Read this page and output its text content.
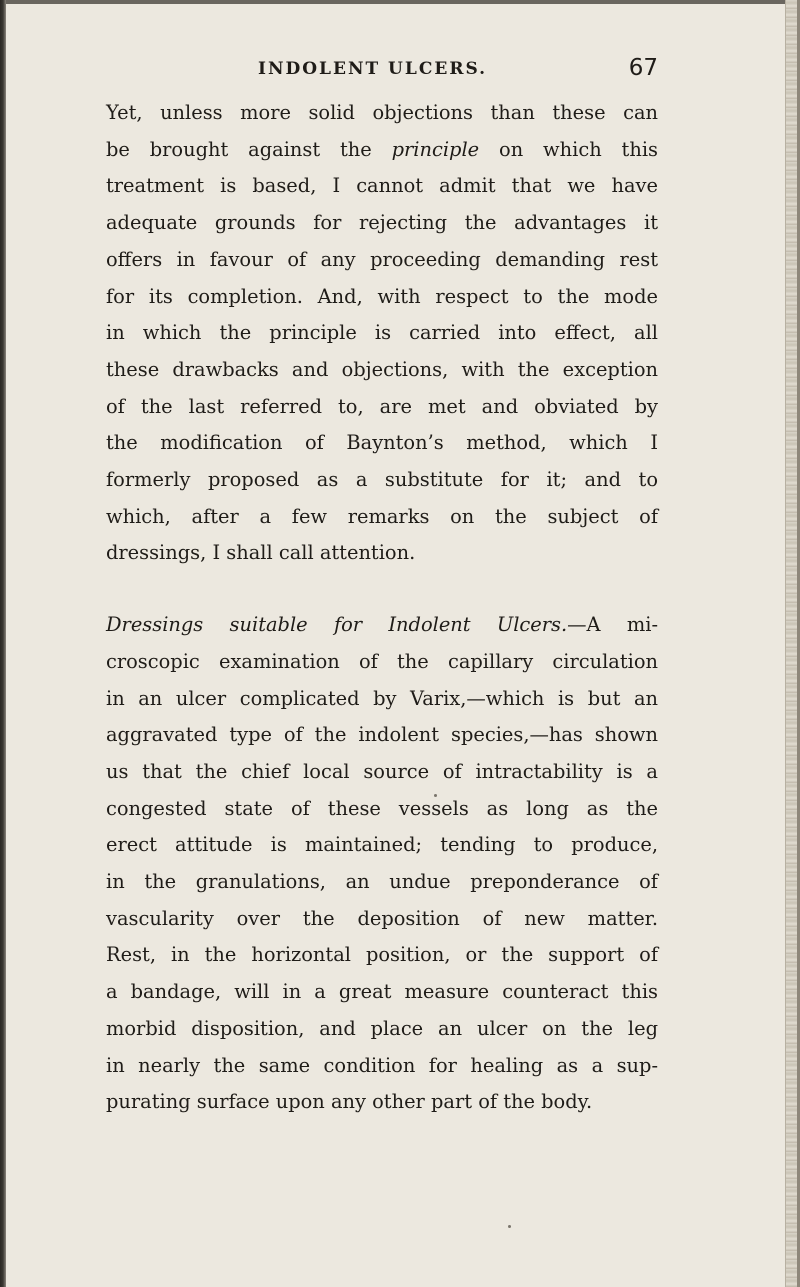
INDOLENT ULCERS.	67

Yet, unless more solid objections than these can
be brought against the principle on which this
treatment is based, I cannot admit that we have
adequate grounds for rejecting the advantages it
offers in favour of any proceeding demanding rest
for its completion. And, with respect to the mode
in which the principle is carried into effect, all
these drawbacks and objections, with the exception
of the last referred to, are met and obviated by
the modification of Baynton’s method, which I
formerly proposed as a substitute for it; and to
which, after a few remarks on the subject of
dressings, I shall call attention.

Dressings suitable for Indolent Ulcers.—A mi-
croscopic examination of the capillary circulation
in an ulcer complicated by Varix,—which is but an
aggravated type of the indolent species,—has shown
us that the chief local source of intractability is a
congested state of these vessels as long as the
erect attitude is maintained; tending to produce,
in the granulations, an undue preponderance of
vascularity over the deposition of new matter.
Rest, in the horizontal position, or the support of
a bandage, will in a great measure counteract this
morbid disposition, and place an ulcer on the leg
in nearly the same condition for healing as a sup-
purating surface upon any other part of the body.
